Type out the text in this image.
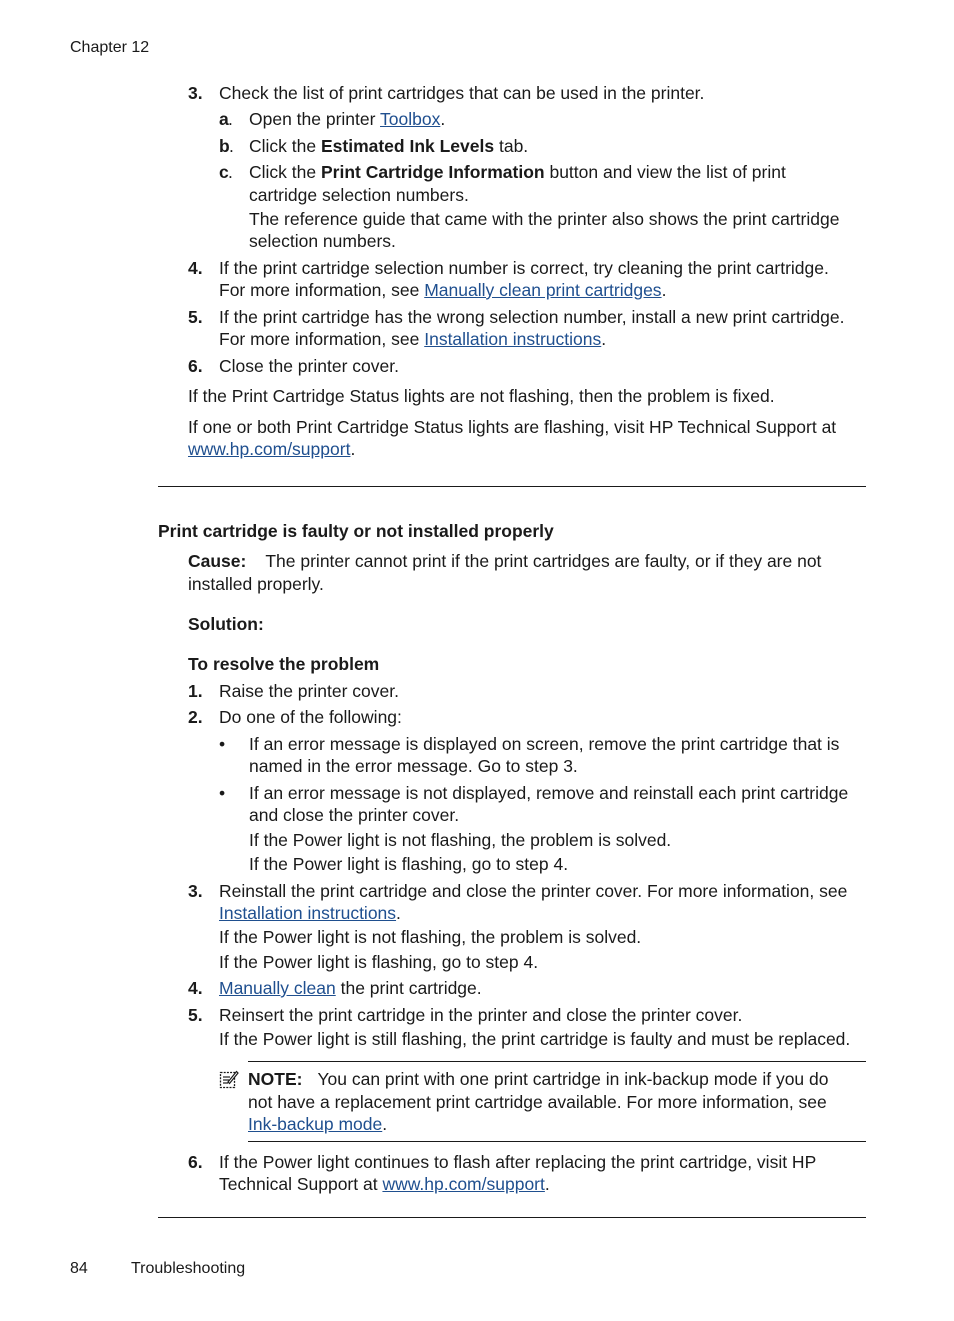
Chapter 12
3. Check the list of print cartridges that can be used in the printer.
a . Open the printer Toolbox.
b . Click the Estimated Ink Levels tab.
c . Click the Print Cartridge Information button and view the list of print
cartridge selection numbers.
The reference guide that came with the printer also shows the print cartridge
selection numbers.
4. If the print cartridge selection number is correct, try cleaning the print cartridge.
For more information, see Manually clean print cartridges.
5. If the print cartridge has the wrong selection number, install a new print cartridge.
For more information, see Installation instructions.
6. Close the printer cover.
If the Print Cartridge Status lights are not flashing, then the problem is fixed.
If one or both Print Cartridge Status lights are flashing, visit HP Technical Support at
www.hp.com/support.
Print cartridge is faulty or not installed properly
Cause: The printer cannot print if the print cartridges are faulty, or if they are not
installed properly.
Solution:
To resolve the problem
1. Raise the printer cover.
2. Do one of the following:
• If an error message is displayed on screen, remove the print cartridge that is
named in the error message. Go to step 3.
• If an error message is not displayed, remove and reinstall each print cartridge
and close the printer cover.
If the Power light is not flashing, the problem is solved.
If the Power light is flashing, go to step 4.
3. Reinstall the print cartridge and close the printer cover. For more information, see
Installation instructions.
If the Power light is not flashing, the problem is solved.
If the Power light is flashing, go to step 4.
4. Manually clean the print cartridge.
5. Reinsert the print cartridge in the printer and close the printer cover.
If the Power light is still flashing, the print cartridge is faulty and must be replaced.
NOTE: You can print with one print cartridge in ink-backup mode if you do
not have a replacement print cartridge available. For more information, see
Ink-backup mode.
6. If the Power light continues to flash after replacing the print cartridge, visit HP
Technical Support at www.hp.com/support.
84	Troubleshooting
